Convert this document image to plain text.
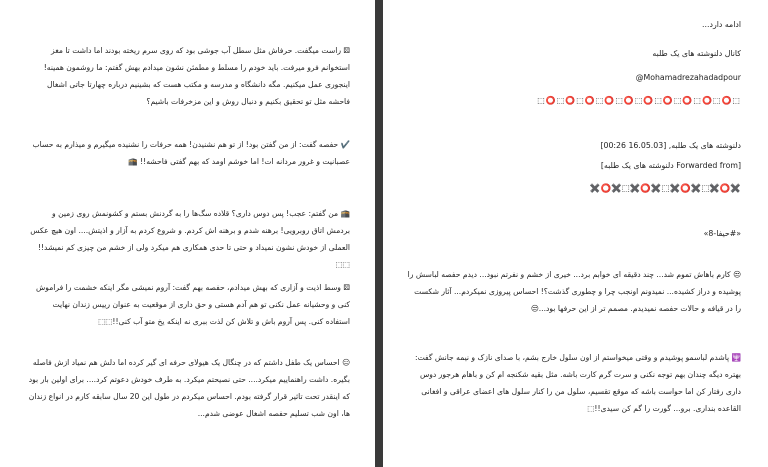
⚄ راست میگفت. حرفاش مثل سطل آب جوشی بود که روی سرم ریخته بودند اما داشت تا مغز استخوانم فرو میرفت. باید خودم را مسلط و مطمئن نشون میدادم بهش گفتم: ما روشمون همینه! اینجوری عمل میکنیم. مگه دانشگاه و مدرسه و مکتب هست که بشینیم درباره چهارتا جاتی اشغال فاحشه مثل تو تحقیق بکنیم و دنبال روش و این مزخرفات باشیم؟

✔️ حفصه گفت: از من گفتن بود! از تو هم نشنیدن! همه حرفات را نشنیده میگیرم و میذارم به حساب عصبانیت و غرور مردانه ات! اما خوشم اومد که بهم گفتی فاحشه!! 🕋

🕋 من گفتم: عجب! پس دوس داری؟ قلاده سگ‌ها را به گردنش بستم و کشونمش روی زمین و بردمش اتاق روبرویی! برهنه شدم و برهنه اش کردم. و شروع کردم به آزار و اذیتش.... اون هیچ عکس العملی از خودش نشون نمیداد و حتی تا حدی همکاری هم میکرد ولی از خشم من چیزی کم نمیشد!!⬚⬚

⚄ وسط اذیت و آزاری که بهش میدادم، حفصه بهم گفت: آروم نمیشی مگر اینکه خشمت را فراموش کنی و وحشیانه عمل نکنی تو هم آدم هستی و حق داری از موقعیت به عنوان رییس زندان نهایت استفاده کنی. پس آروم باش و تلاش کن لذت ببری نه اینکه یخ متو آب کنی!!⬚⬚

😑 احساس یک طفل داشتم که در چنگال یک هیولای حرفه ای گیر کرده اما دلش هم نمیاد ازش فاصله بگیره. داشت راهنماییم میکرد.... حتی نصیحتم میکرد. به طرف خودش دعوتم کرد.... برای اولین بار بود که اینقدر تحت تاثیر قرار گرفته بودم. احساس میکردم در طول این 20 سال سابقه کارم در انواع زندان ها، اون شب تسلیم حفصه اشغال عوضی شدم...

ادامه دارد...

کانال دلنوشته های یک طلبه

@Mohamadrezahadadpour

⬚⭕⬚⭕⬚⭕⬚⭕⬚⭕⬚⭕⬚⭕⬚⭕⬚⭕⬚⭕⬚

دلنوشته های یک طلبه, [16.05.03 00:26]

[Forwarded from دلنوشته های یک طلبه]

✖️⭕✖️⬚✖️⭕✖️⬚✖️⭕✖️⬚✖️⭕✖️

«#حیفا-8»

😒 کارم باهاش تموم شد... چند دقیقه ای خوابم برد... خیری از خشم و نفرتم نبود... دیدم حفصه لباسش را پوشیده و دراز کشیده... نمیدونم اونجب چرا و چطوری گذشت؟! احساس پیروزی نمیکردم... آثار شکست را در قیافه و حالات حفصه نمیدیدم. مصمم تر از این حرفها بود...😒

🕎 پاشدم لباسمو پوشیدم و وقتی میخواستم از اون سلول خارج بشم، با صدای نازک و نیمه جانش گفت: بهتره دیگه چندان بهم توجه نکنی و سرت گرم کارت باشه. مثل بقیه شکنجه ام کن و باهام هرجور دوس داری رفتار کن اما حواست باشه که موقع تقسیم، سلول من را کنار سلول های اعضای عراقی و افغانی القاعده بنداری. برو... گورت را گم کن سیدی!!⬚
